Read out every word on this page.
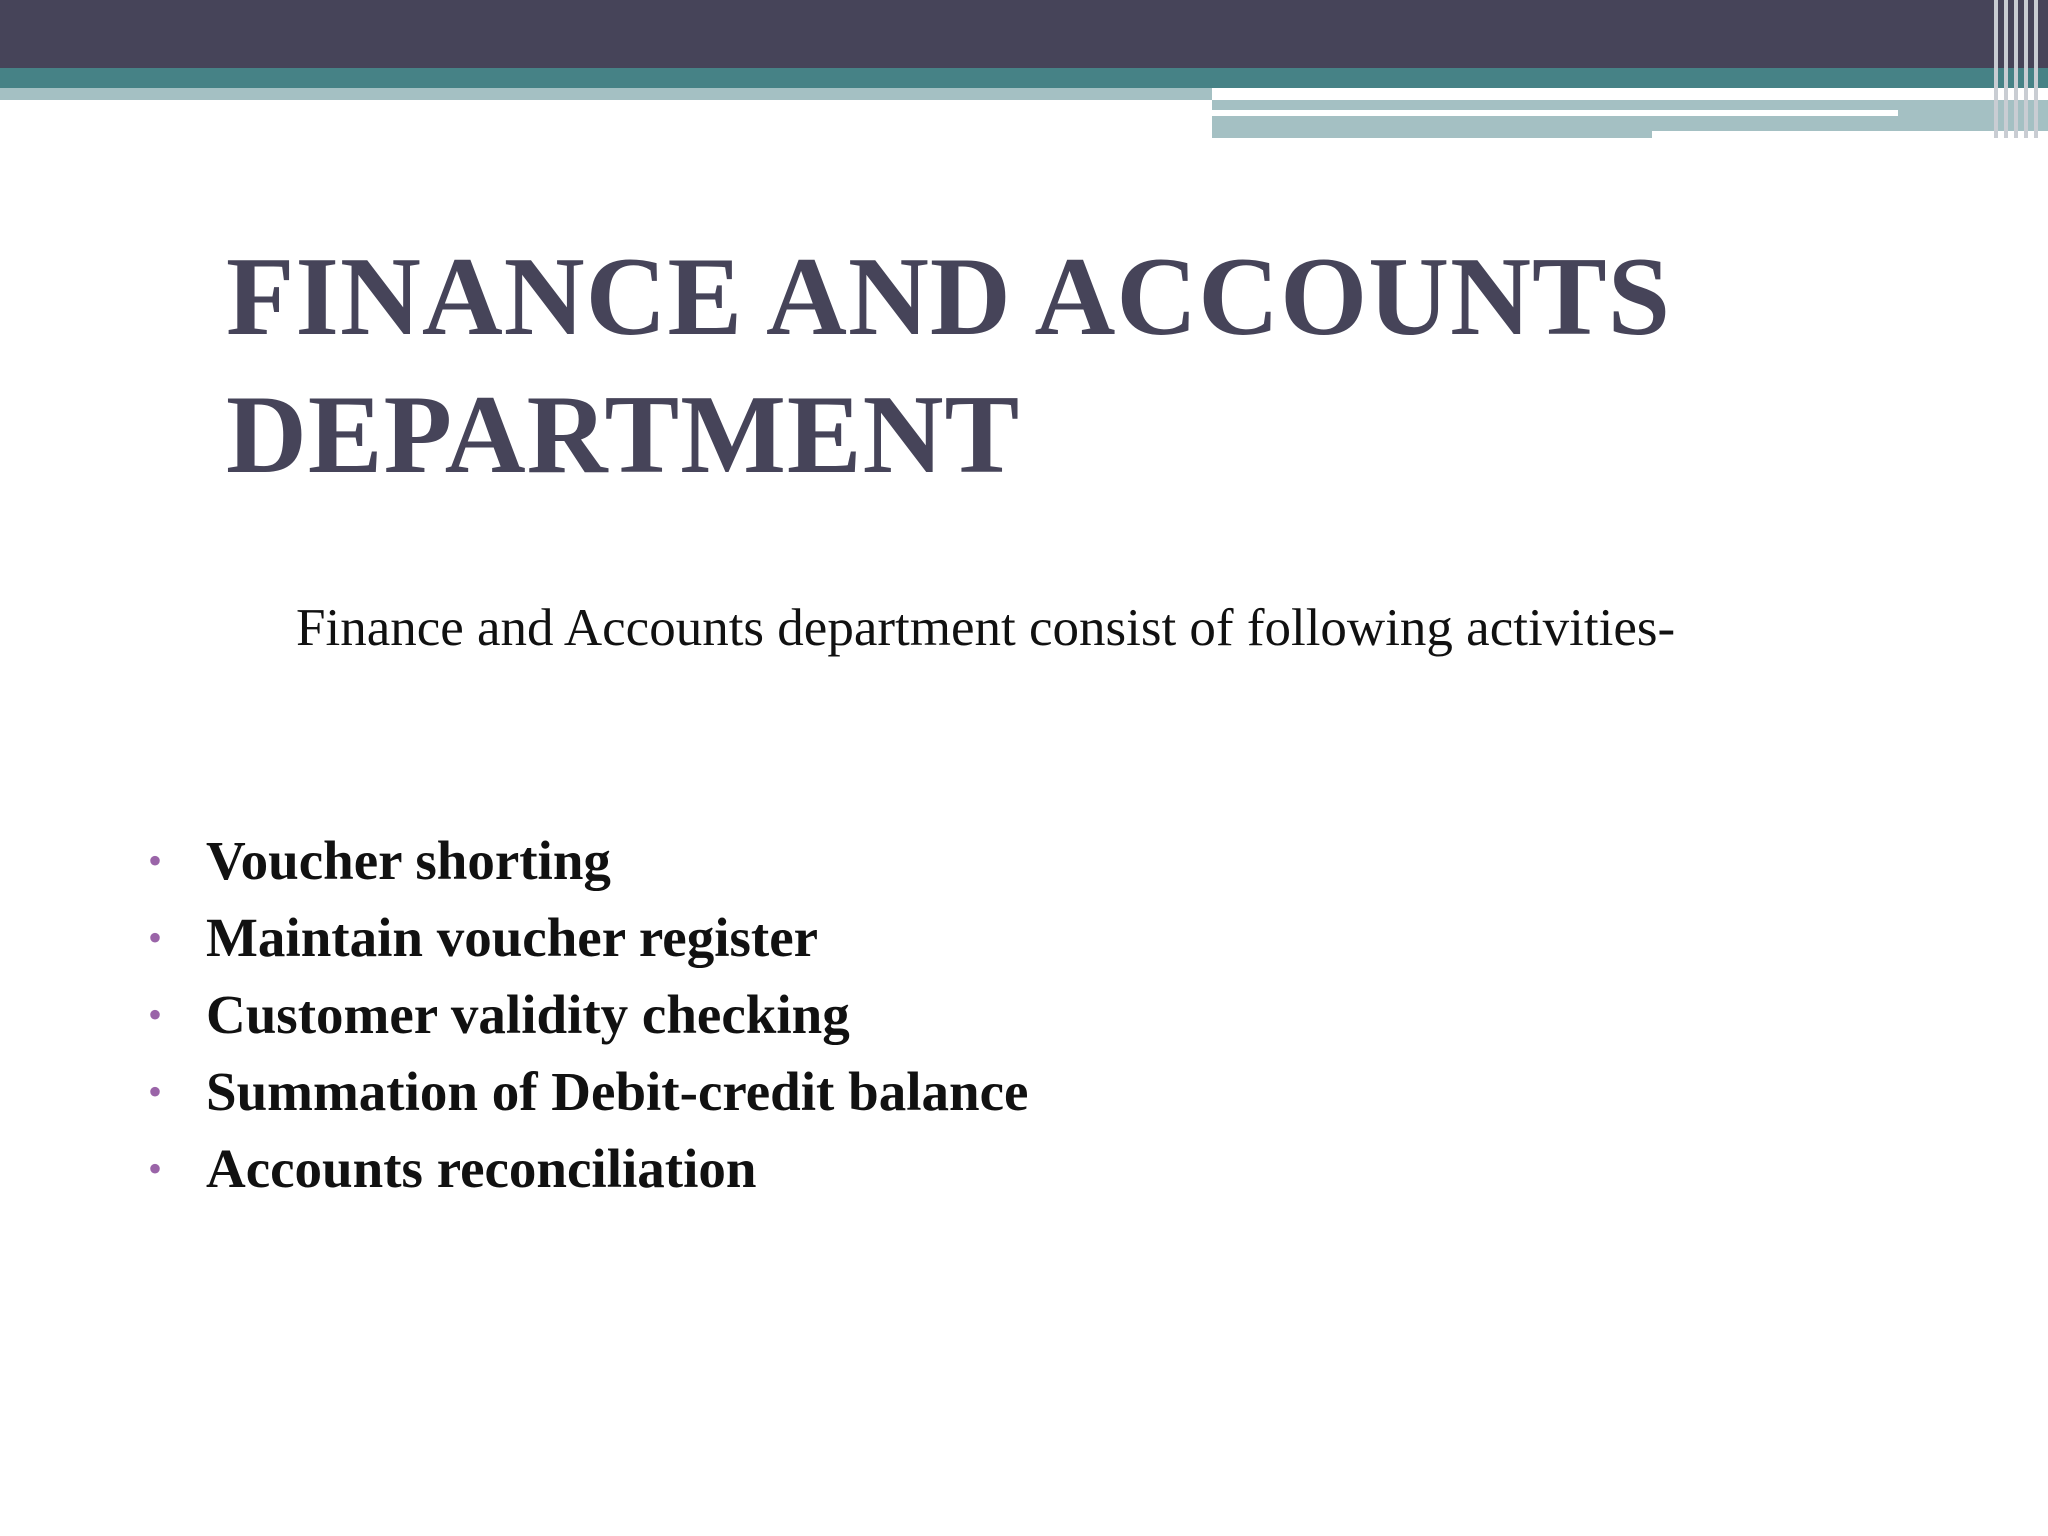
FINANCE AND ACCOUNTS
DEPARTMENT

Finance and Accounts department consist of following activities-

• Voucher shorting
• Maintain voucher register
• Customer validity checking
• Summation of Debit-credit balance
• Accounts reconciliation
